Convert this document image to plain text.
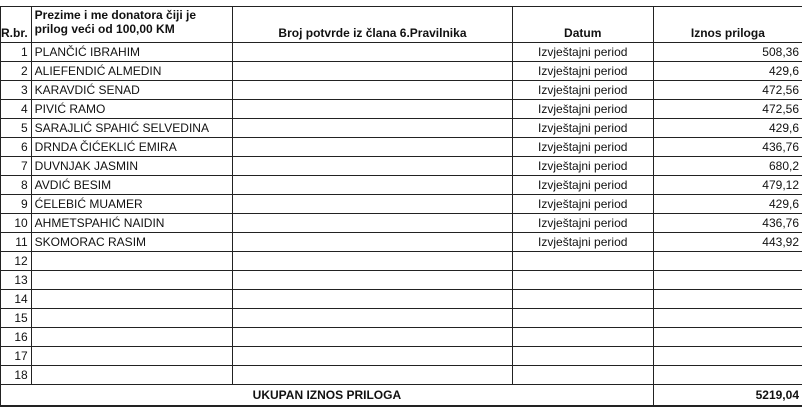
R.br.	Prezime i me donatora čiji je prilog veći od 100,00 KM	Broj potvrde iz člana 6.Pravilnika	Datum	Iznos priloga
1	PLANČIĆ IBRAHIM		Izvještajni period	508,36
2	ALIEFENDIĆ ALMEDIN		Izvještajni period	429,6
3	KARAVDIĆ SENAD		Izvještajni period	472,56
4	PIVIĆ RAMO		Izvještajni period	472,56
5	SARAJLIĆ SPAHIĆ SELVEDINA		Izvještajni period	429,6
6	DRNDA ČIĆEKLIĆ EMIRA		Izvještajni period	436,76
7	DUVNJAK JASMIN		Izvještajni period	680,2
8	AVDIĆ BESIM		Izvještajni period	479,12
9	ĆELEBIĆ MUAMER		Izvještajni period	429,6
10	AHMETSPAHIĆ NAIDIN		Izvještajni period	436,76
11	SKOMORAC RASIM		Izvještajni period	443,92
12				
13				
14				
15				
16				
17				
18				
UKUPAN IZNOS PRILOGA				5219,04
